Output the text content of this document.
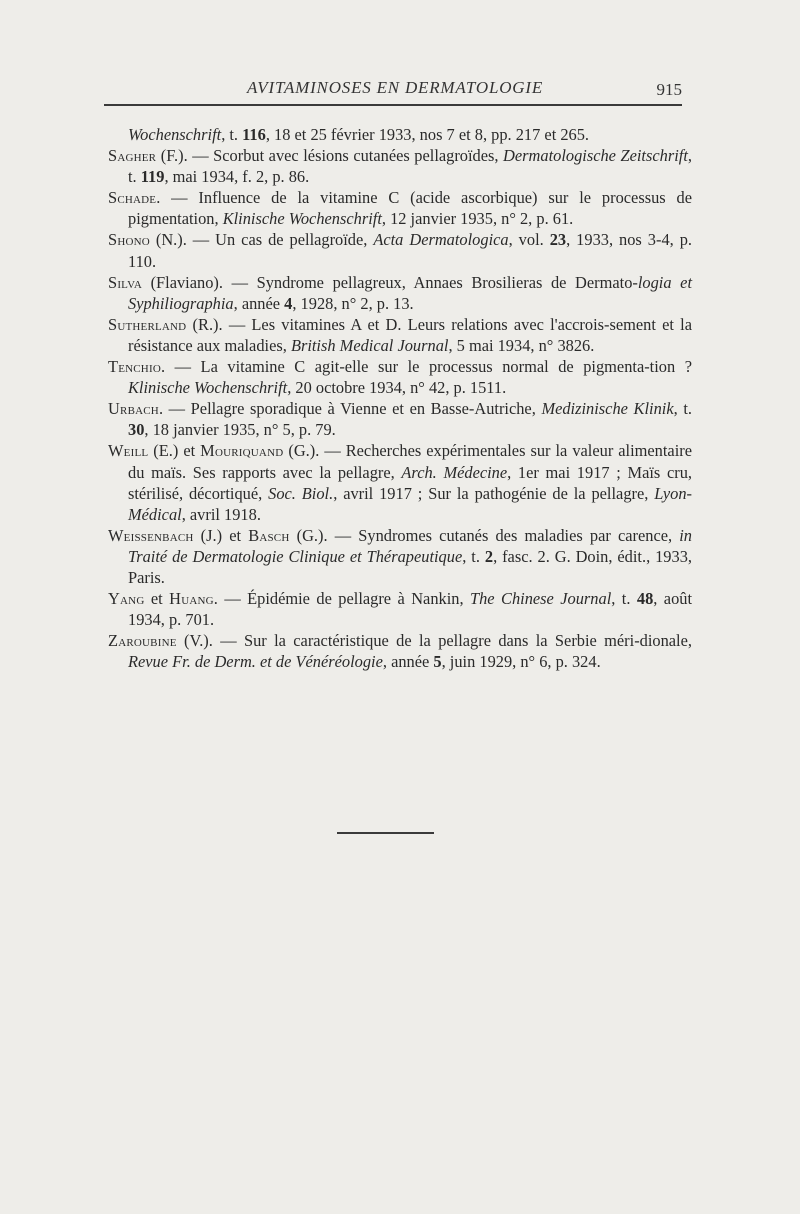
AVITAMINOSES EN DERMATOLOGIE	915

Wochenschrift, t. 116, 18 et 25 février 1933, nos 7 et 8, pp. 217 et 265.

Sagher (F.). — Scorbut avec lésions cutanées pellagroïdes, Dermatologische Zeitschrift, t. 119, mai 1934, f. 2, p. 86.

Schade. — Influence de la vitamine C (acide ascorbique) sur le processus de pigmentation, Klinische Wochenschrift, 12 janvier 1935, n° 2, p. 61.

Shono (N.). — Un cas de pellagroïde, Acta Dermatologica, vol. 23, 1933, nos 3-4, p. 110.

Silva (Flaviano). — Syndrome pellagreux, Annaes Brosilieras de Dermato-logia et Syphiliographia, année 4, 1928, n° 2, p. 13.

Sutherland (R.). — Les vitamines A et D. Leurs relations avec l'accrois-sement et la résistance aux maladies, British Medical Journal, 5 mai 1934, n° 3826.

Tenchio. — La vitamine C agit-elle sur le processus normal de pigmenta-tion ? Klinische Wochenschrift, 20 octobre 1934, n° 42, p. 1511.

Urbach. — Pellagre sporadique à Vienne et en Basse-Autriche, Medizinische Klinik, t. 30, 18 janvier 1935, n° 5, p. 79.

Weill (E.) et Mouriquand (G.). — Recherches expérimentales sur la valeur alimentaire du maïs. Ses rapports avec la pellagre, Arch. Médecine, 1er mai 1917 ; Maïs cru, stérilisé, décortiqué, Soc. Biol., avril 1917 ; Sur la pathogénie de la pellagre, Lyon-Médical, avril 1918.

Weissenbach (J.) et Basch (G.). — Syndromes cutanés des maladies par carence, in Traité de Dermatologie Clinique et Thérapeutique, t. 2, fasc. 2. G. Doin, édit., 1933, Paris.

Yang et Huang. — Épidémie de pellagre à Nankin, The Chinese Journal, t. 48, août 1934, p. 701.

Zaroubine (V.). — Sur la caractéristique de la pellagre dans la Serbie méri-dionale, Revue Fr. de Derm. et de Vénéréologie, année 5, juin 1929, n° 6, p. 324.
